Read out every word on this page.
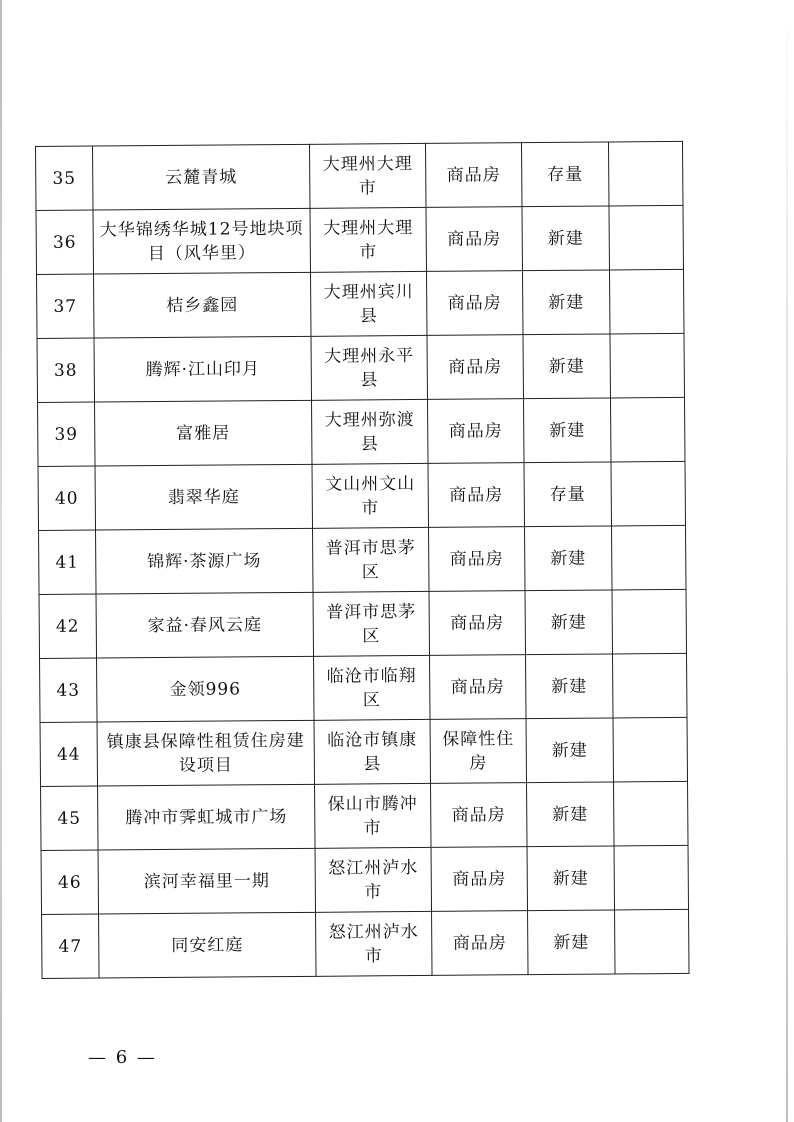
35	云麓青城	大理州大理市	商品房	存量	
36	大华锦绣华城12号地块项目（风华里）	大理州大理市	商品房	新建	
37	桔乡鑫园	大理州宾川县	商品房	新建	
38	腾辉·江山印月	大理州永平县	商品房	新建	
39	富雅居	大理州弥渡县	商品房	新建	
40	翡翠华庭	文山州文山市	商品房	存量	
41	锦辉·茶源广场	普洱市思茅区	商品房	新建	
42	家益·春风云庭	普洱市思茅区	商品房	新建	
43	金领996	临沧市临翔区	商品房	新建	
44	镇康县保障性租赁住房建设项目	临沧市镇康县	保障性住房	新建	
45	腾冲市霁虹城市广场	保山市腾冲市	商品房	新建	
46	滨河幸福里一期	怒江州泸水市	商品房	新建	
47	同安红庭	怒江州泸水市	商品房	新建	
— 6 —
